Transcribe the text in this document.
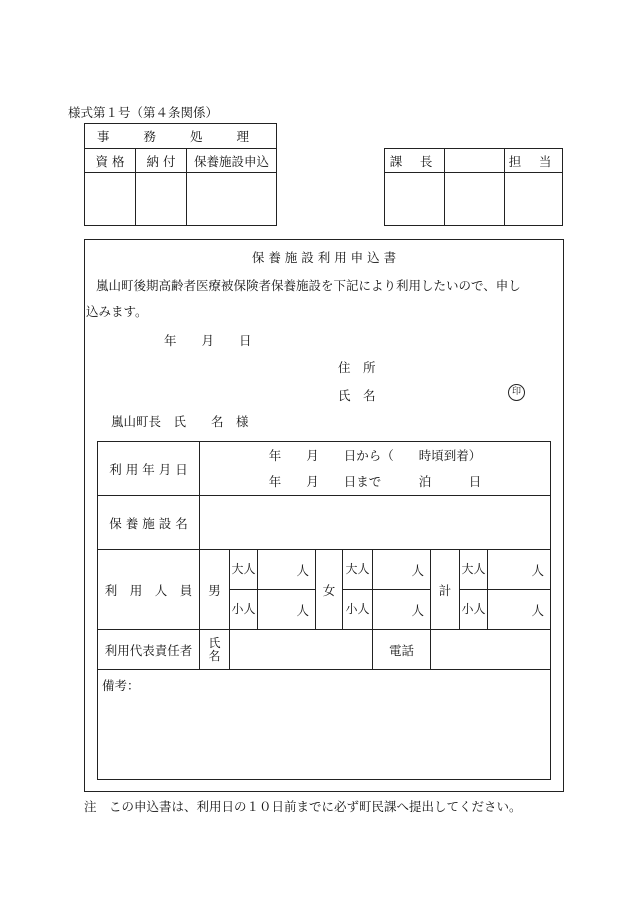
様式第１号（第４条関係）
事 務 処 理		
資 格	納 付	保養施設申込
			課 長		担 当

保 養 施 設 利 用 申 込 書
嵐山町後期高齢者医療被保険者保養施設を下記により利用したいので、申し
込みます。
年　　月　　日
住　所
氏　名	印
嵐山町長　氏　　名　様
利 用 年 月 日	年　　月　　日から（　　時頃到着）
年　　月　　日まで　　　泊　　　日								

保 養 施 設 名									
利　用　人　員	男	大人	人	女	大人	人	計	大人	人
		小人	人		小人	人		小人	人
利用代表責任者	氏名					電話			
備考：									
注　この申込書は、利用日の１０日前までに必ず町民課へ提出してください。
